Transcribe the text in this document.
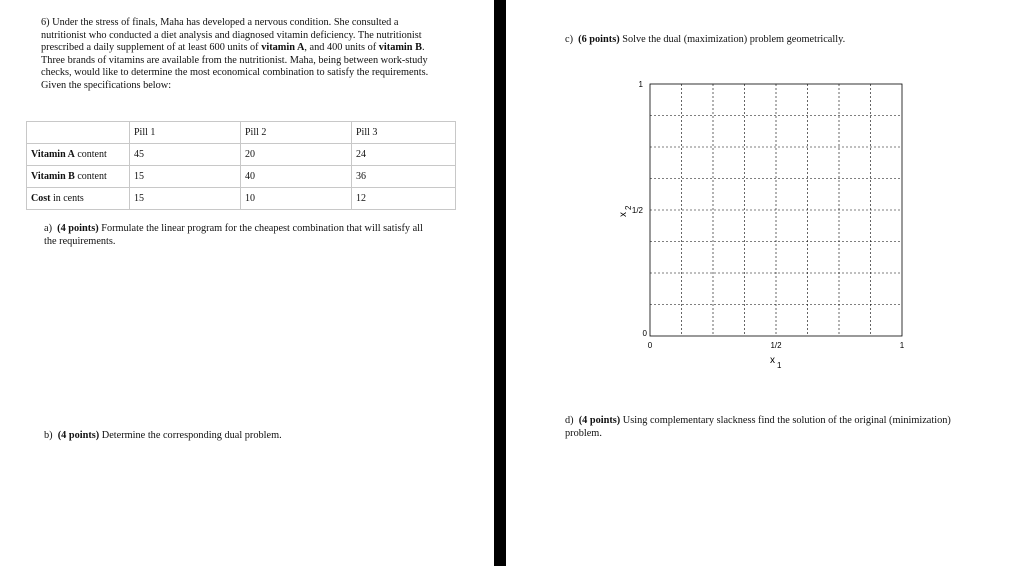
6) Under the stress of finals, Maha has developed a nervous condition. She consulted a nutritionist who conducted a diet analysis and diagnosed vitamin deficiency. The nutritionist prescribed a daily supplement of at least 600 units of vitamin A, and 400 units of vitamin B.

Three brands of vitamins are available from the nutritionist. Maha, being between work-study checks, would like to determine the most economical combination to satisfy the requirements. Given the specifications below:

	Pill 1	Pill 2	Pill 3
Vitamin A content	45	20	24
Vitamin B content	15	40	36
Cost in cents	15	10	12
a) (4 points) Formulate the linear program for the cheapest combination that will satisfy all the requirements.
b) (4 points) Determine the corresponding dual problem.
c) (6 points) Solve the dual (maximization) problem geometrically.
1
1/2
0
0	1/2	1
x 1
x
2
d) (4 points) Using complementary slackness find the solution of the original (minimization) problem.
